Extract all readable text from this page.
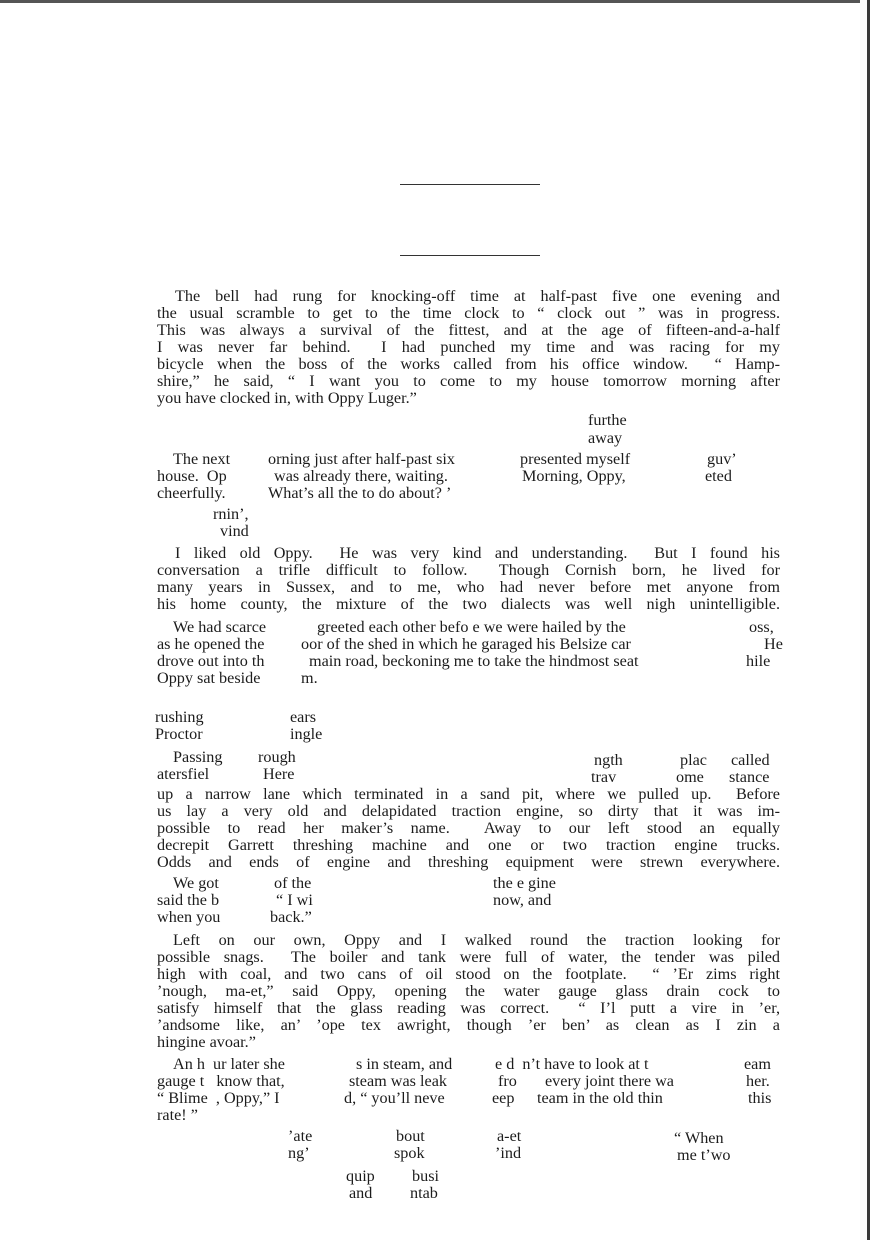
The bell had rung for knocking-off time at half-past five one evening and
the usual scramble to get to the time clock to “ clock out ” was in progress.
This was always a survival of the fittest, and at the age of fifteen-and-a-half
I was never far behind.  I had punched my time and was racing for my
bicycle when the boss of the works called from his office window.  “ Hamp-
shire,” he said, “ I want you to come to my house tomorrow morning after
you have clocked in, with Oppy Luger.”
furthe
away
The next orning just after half-past six	presented myself	guv’
house.  Op	was already there, waiting.	Morning, Oppy,	eted
cheerfully.	What’s all the to do about? ’
rnin’,
vind
I liked old Oppy.  He was very kind and understanding.  But I found his
conversation a trifle difficult to follow.  Though Cornish born, he lived for
many years in Sussex, and to me, who had never before met anyone from
his home county, the mixture of the two dialects was well nigh unintelligible.
We had scarce	greeted each other befo e we were hailed by the	oss,
as he opened the oor of the shed in which he garaged his Belsize car	He
drove out into th	main road, beckoning me to take the hindmost seat	hile
Oppy sat beside	m.
rushing	ears
Proctor	ingle
Passing rough	ngth	plac called
atersfiel	Here	trav	ome stance
up a narrow lane which terminated in a sand pit, where we pulled up.  Before
us lay a very old and delapidated traction engine, so dirty that it was im-
possible to read her maker’s name.  Away to our left stood an equally
decrepit Garrett threshing machine and one or two traction engine trucks.
Odds and ends of engine and threshing equipment were strewn everywhere.
We got	of the	the e gine
said the b	“ I wi	now, and
when you	back.”
Left on our own, Oppy and I walked round the traction looking for
possible snags.  The boiler and tank were full of water, the tender was piled
high with coal, and two cans of oil stood on the footplate.  “ ’Er zims right
’nough, ma-et,” said Oppy, opening the water gauge glass drain cock to
satisfy himself that the glass reading was correct.  “ I’l putt a vire in ’er,
’andsome like, an’ ’ope tex awright, though ’er ben’ as clean as I zin a
hingine avoar.”
An h  ur later she	s in steam, and	e d  n’t have to look at t	eam
gauge t   know that,	steam was leak	fro every joint there wa	her.
“ Blime  , Oppy,” I	d, “ you’ll neve	eep team in the old thin	this
rate! ”
’ate	bout	a-et	“ When
ng’	spok	’ind	me t’wo
quip busi
and ntab
